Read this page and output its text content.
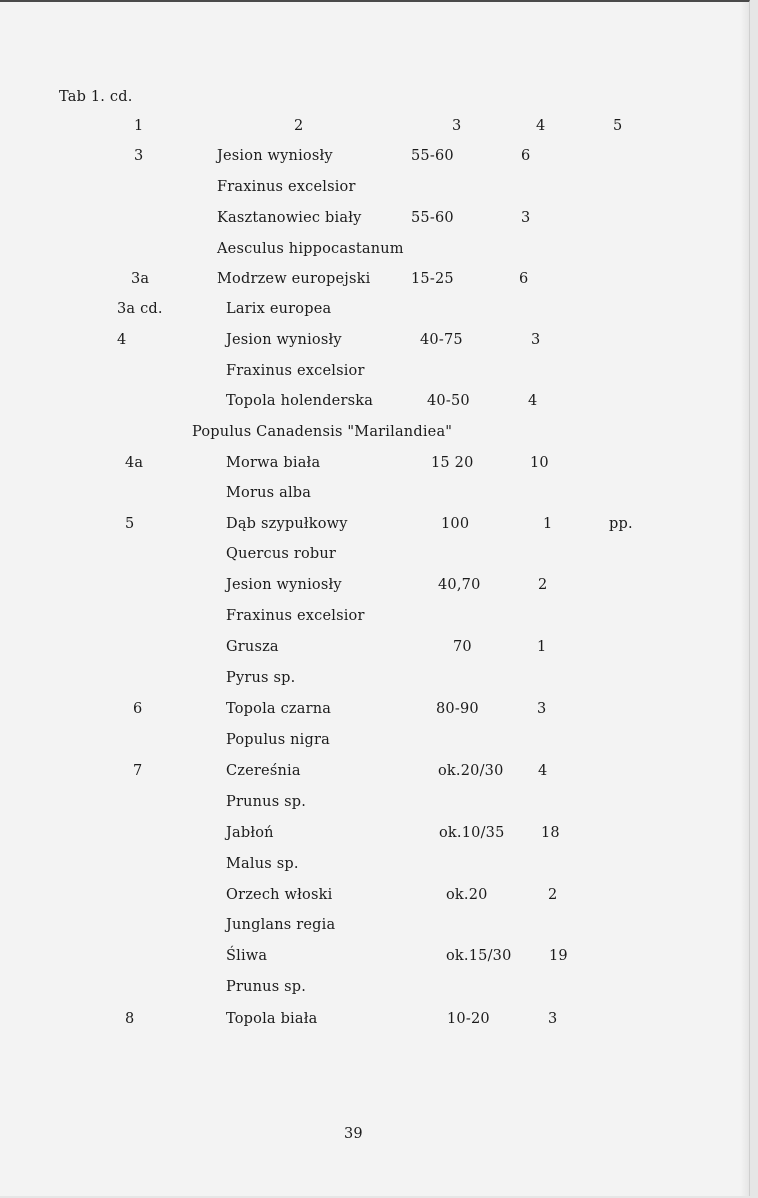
Tab 1. cd.
1	2	3	4	5
3	Jesion wyniosły	55-60	6
Fraxinus excelsior
Kasztanowiec biały	55-60	3
Aesculus hippocastanum
3a	Modrzew europejski	15-25	6
3a cd.	Larix europea
4	Jesion wyniosły	40-75	3
Fraxinus excelsior
Topola holenderska	40-50	4
Populus Canadensis "Marilandiea"
4a	Morwa biała	15 20	10
Morus alba
5	Dąb szypułkowy	100	1	pp.
Quercus robur
Jesion wyniosły	40,70	2
Fraxinus excelsior
Grusza	70	1
Pyrus sp.
6	Topola czarna	80-90	3
Populus nigra
7	Czereśnia	ok.20/30 4
Prunus sp.
Jabłoń	ok.10/35	18
Malus sp.
Orzech włoski	ok.20	2
Junglans regia
Śliwa	ok.15/30	19
Prunus sp.
8	Topola biała	10-20	3
39
